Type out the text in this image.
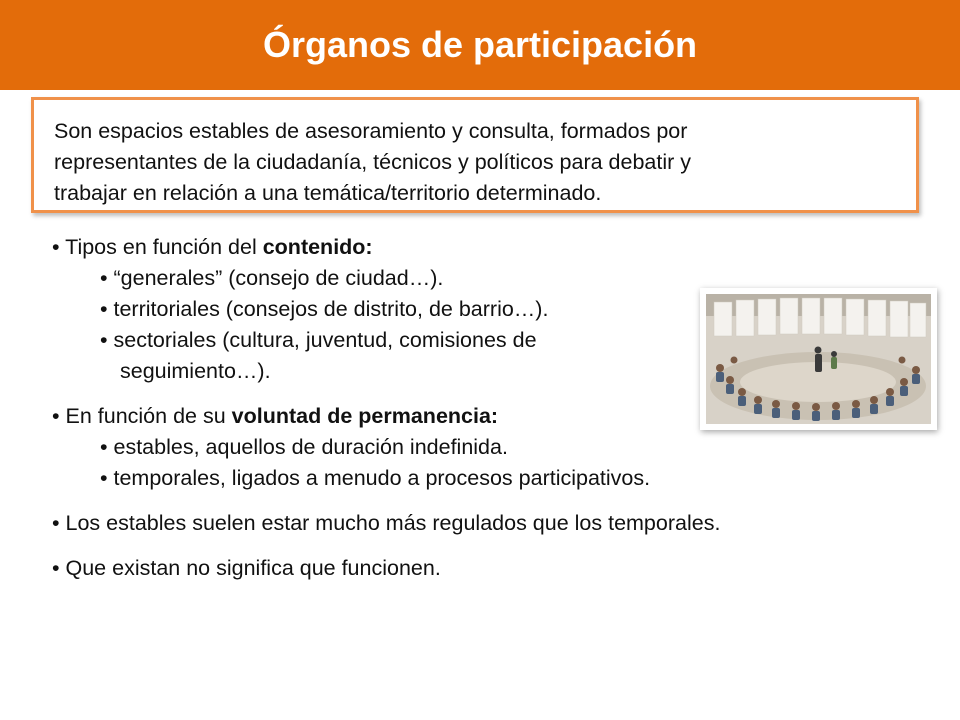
Órganos de participación

Son espacios estables de asesoramiento y consulta, formados por

representantes de la ciudadanía, técnicos y políticos para debatir y

trabajar en relación a una temática/territorio determinado.

• Tipos en función del contenido:

• “generales” (consejo de ciudad…).

• territoriales (consejos de distrito, de barrio…).

• sectoriales (cultura, juventud, comisiones de

seguimiento…).

• En función de su voluntad de permanencia:

• estables, aquellos de duración indefinida.

• temporales, ligados a menudo a procesos participativos.

• Los estables suelen estar mucho más regulados que los temporales.

• Que existan no significa que funcionen.
